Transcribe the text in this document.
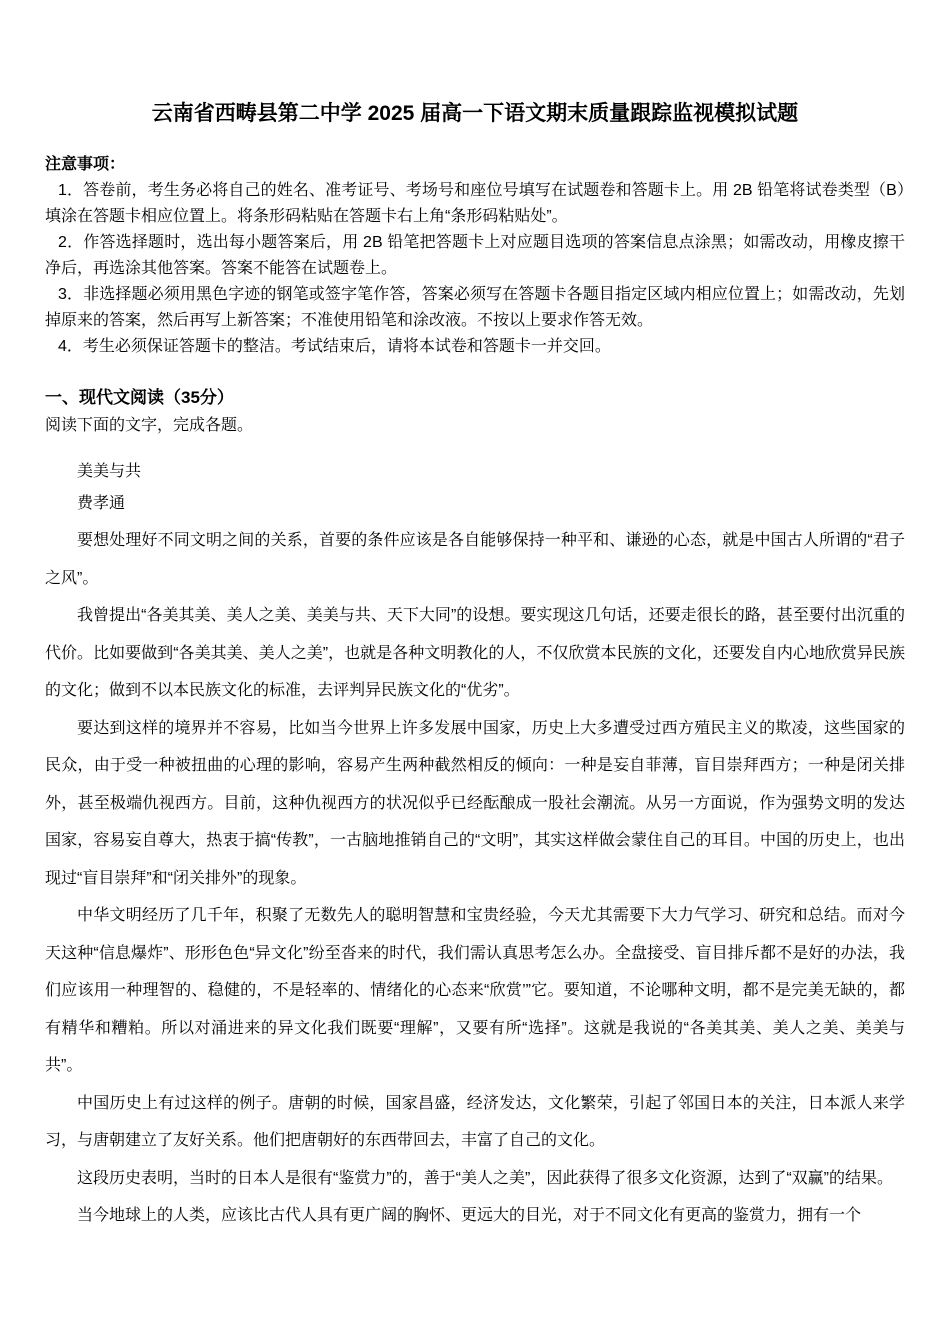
云南省西畴县第二中学 2025 届高一下语文期末质量跟踪监视模拟试题
注意事项：

1．答卷前，考生务必将自己的姓名、准考证号、考场号和座位号填写在试题卷和答题卡上。用 2B 铅笔将试卷类型（B）填涂在答题卡相应位置上。将条形码粘贴在答题卡右上角“条形码粘贴处”。

2．作答选择题时，选出每小题答案后，用 2B 铅笔把答题卡上对应题目选项的答案信息点涂黑；如需改动，用橡皮擦干净后，再选涂其他答案。答案不能答在试题卷上。

3．非选择题必须用黑色字迹的钢笔或签字笔作答，答案必须写在答题卡各题目指定区域内相应位置上；如需改动，先划掉原来的答案，然后再写上新答案；不准使用铅笔和涂改液。不按以上要求作答无效。

4．考生必须保证答题卡的整洁。考试结束后，请将本试卷和答题卡一并交回。

一、现代文阅读（35分）

阅读下面的文字，完成各题。

美美与共

费孝通

要想处理好不同文明之间的关系，首要的条件应该是各自能够保持一种平和、谦逊的心态，就是中国古人所谓的“君子之风”。

我曾提出“各美其美、美人之美、美美与共、天下大同”的设想。要实现这几句话，还要走很长的路，甚至要付出沉重的代价。比如要做到“各美其美、美人之美”，也就是各种文明教化的人，不仅欣赏本民族的文化，还要发自内心地欣赏异民族的文化；做到不以本民族文化的标准，去评判异民族文化的“优劣”。

要达到这样的境界并不容易，比如当今世界上许多发展中国家，历史上大多遭受过西方殖民主义的欺凌，这些国家的民众，由于受一种被扭曲的心理的影响，容易产生两种截然相反的倾向：一种是妄自菲薄，盲目崇拜西方；一种是闭关排外，甚至极端仇视西方。目前，这种仇视西方的状况似乎已经酝酿成一股社会潮流。从另一方面说，作为强势文明的发达国家，容易妄自尊大，热衷于搞“传教”，一古脑地推销自己的“文明”，其实这样做会蒙住自己的耳目。中国的历史上，也出现过“盲目崇拜”和“闭关排外”的现象。

中华文明经历了几千年，积聚了无数先人的聪明智慧和宝贵经验，今天尤其需要下大力气学习、研究和总结。而对今天这种“信息爆炸”、形形色色“异文化”纷至沓来的时代，我们需认真思考怎么办。全盘接受、盲目排斥都不是好的办法，我们应该用一种理智的、稳健的，不是轻率的、情绪化的心态来“欣赏’”它。要知道，不论哪种文明，都不是完美无缺的，都有精华和糟粕。所以对涌进来的异文化我们既要“理解”，又要有所“选择”。这就是我说的“各美其美、美人之美、美美与共”。

中国历史上有过这样的例子。唐朝的时候，国家昌盛，经济发达，文化繁荣，引起了邻国日本的关注，日本派人来学习，与唐朝建立了友好关系。他们把唐朝好的东西带回去，丰富了自己的文化。

这段历史表明，当时的日本人是很有“鉴赏力”的，善于“美人之美”，因此获得了很多文化资源，达到了“双赢”的结果。

当今地球上的人类，应该比古代人具有更广阔的胸怀、更远大的目光，对于不同文化有更高的鉴赏力，拥有一个
